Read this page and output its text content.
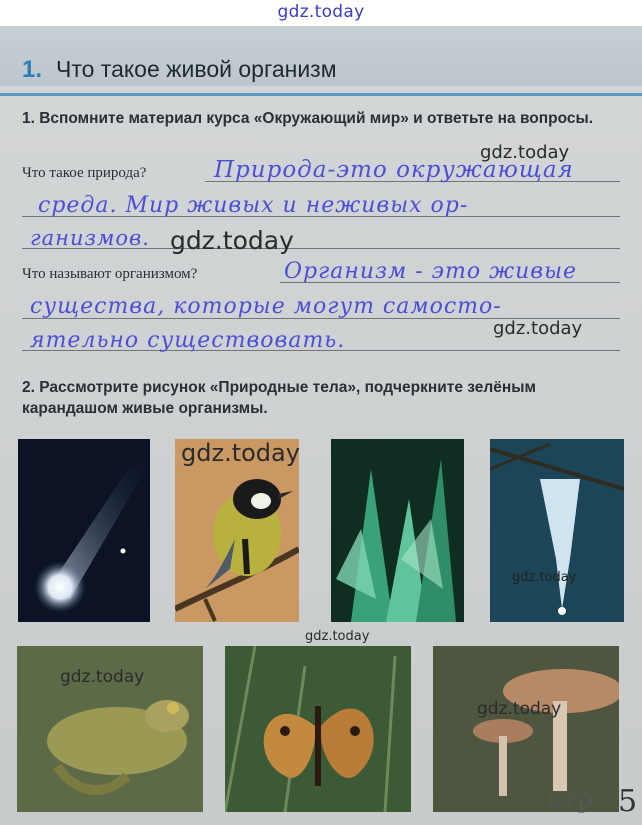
gdz.today
1. Что такое живой организм
1. Вспомните материал курса «Окружающий мир» и ответьте на вопросы.
Что такое природа?	Природа-это окружающая
среда. Мир живых и неживых ор-
ганизмов.
Что называют организмом?	Организм - это живые
существа, которые могут самосто-
ятельно существовать.
gdz.today
gdz.today
gdz.today
2. Рассмотрите рисунок «Природные тела», подчеркните зелёным карандашом живые организмы.
gdz.today
gdz.today
gdz.today
gdz.today
gdz.today
стр. 5
